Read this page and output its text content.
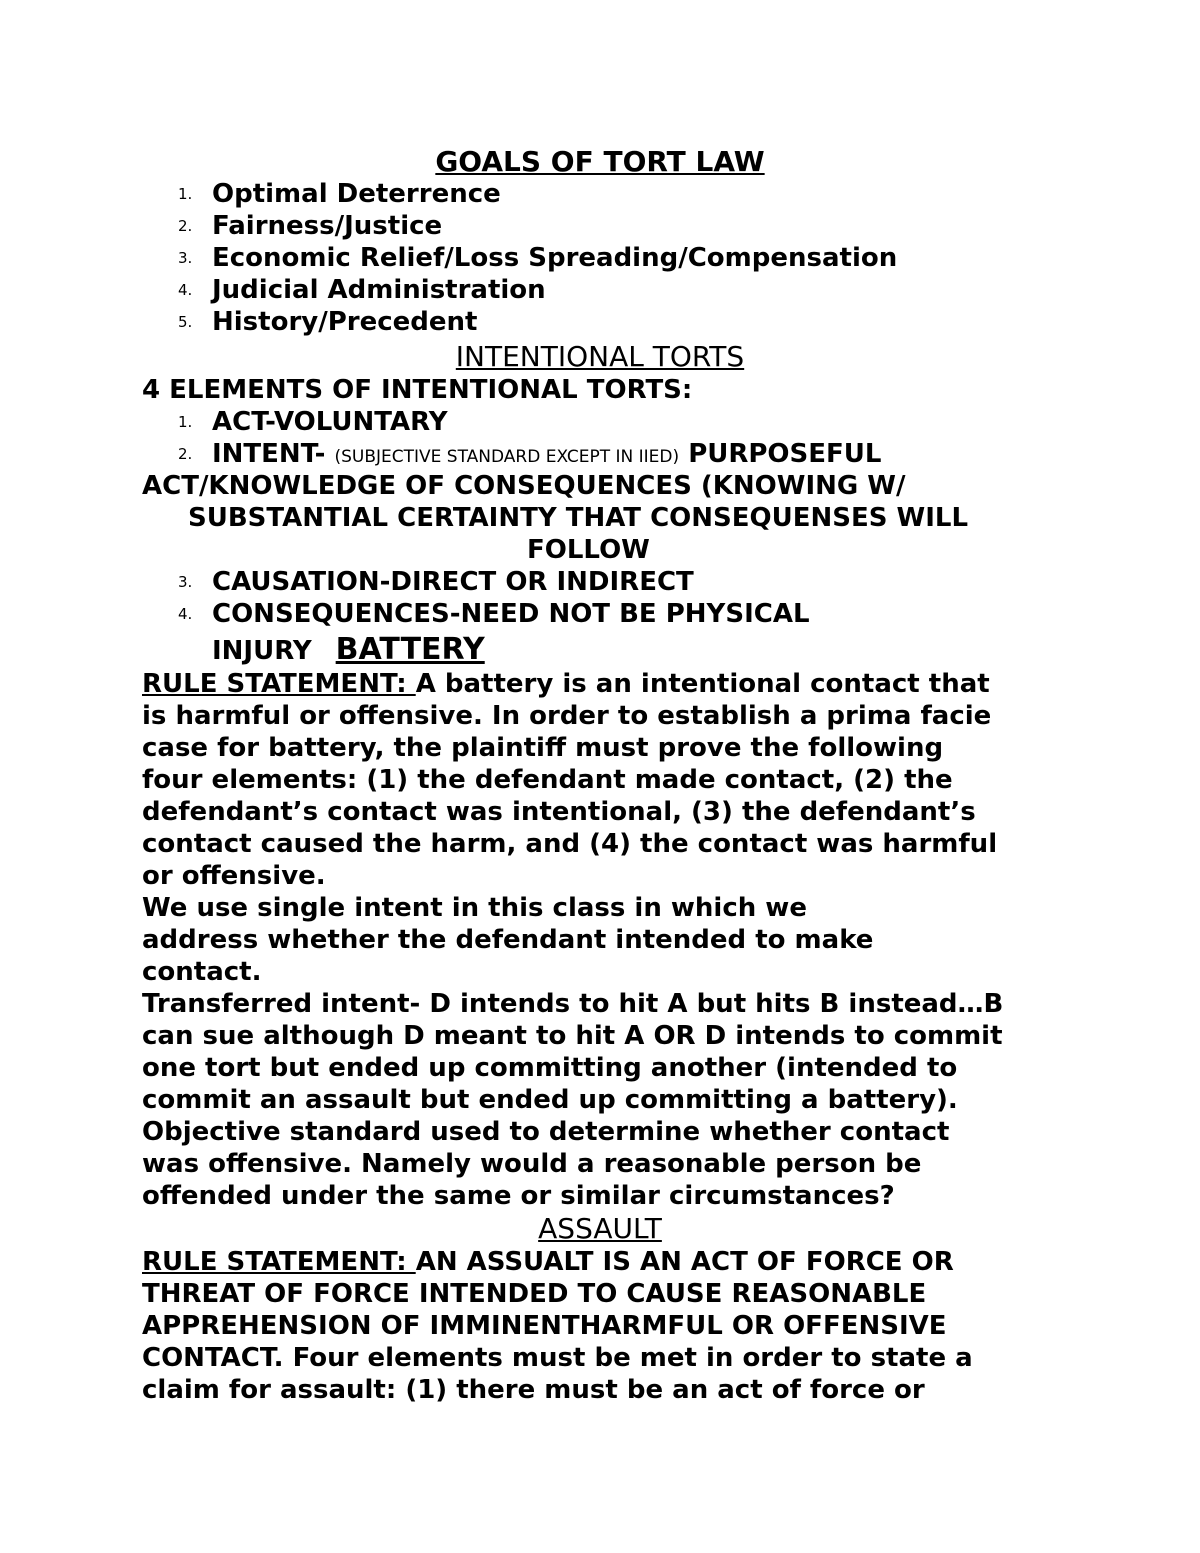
GOALS OF TORT LAW
1. Optimal Deterrence
2. Fairness/Justice
3. Economic Relief/Loss Spreading/Compensation
4. Judicial Administration
5. History/Precedent
INTENTIONAL TORTS
4 ELEMENTS OF INTENTIONAL TORTS:
1. ACT-VOLUNTARY
2. INTENT- (SUBJECTIVE STANDARD EXCEPT IN IIED) PURPOSEFUL
ACT/KNOWLEDGE OF CONSEQUENCES (KNOWING W/
SUBSTANTIAL CERTAINTY THAT CONSEQUENSES WILL
FOLLOW
3. CAUSATION-DIRECT OR INDIRECT
4. CONSEQUENCES-NEED NOT BE PHYSICAL
INJURY BATTERY
RULE STATEMENT: A battery is an intentional contact that
is harmful or offensive. In order to establish a prima facie
case for battery, the plaintiff must prove the following
four elements: (1) the defendant made contact, (2) the
defendant’s contact was intentional, (3) the defendant’s
contact caused the harm, and (4) the contact was harmful
or offensive.
We use single intent in this class in which we
address whether the defendant intended to make
contact.
Transferred intent- D intends to hit A but hits B instead…B
can sue although D meant to hit A OR D intends to commit
one tort but ended up committing another (intended to
commit an assault but ended up committing a battery).
Objective standard used to determine whether contact
was offensive. Namely would a reasonable person be
offended under the same or similar circumstances?
ASSAULT
RULE STATEMENT: AN ASSUALT IS AN ACT OF FORCE OR
THREAT OF FORCE INTENDED TO CAUSE REASONABLE
APPREHENSION OF IMMINENTHARMFUL OR OFFENSIVE
CONTACT. Four elements must be met in order to state a
claim for assault: (1) there must be an act of force or
